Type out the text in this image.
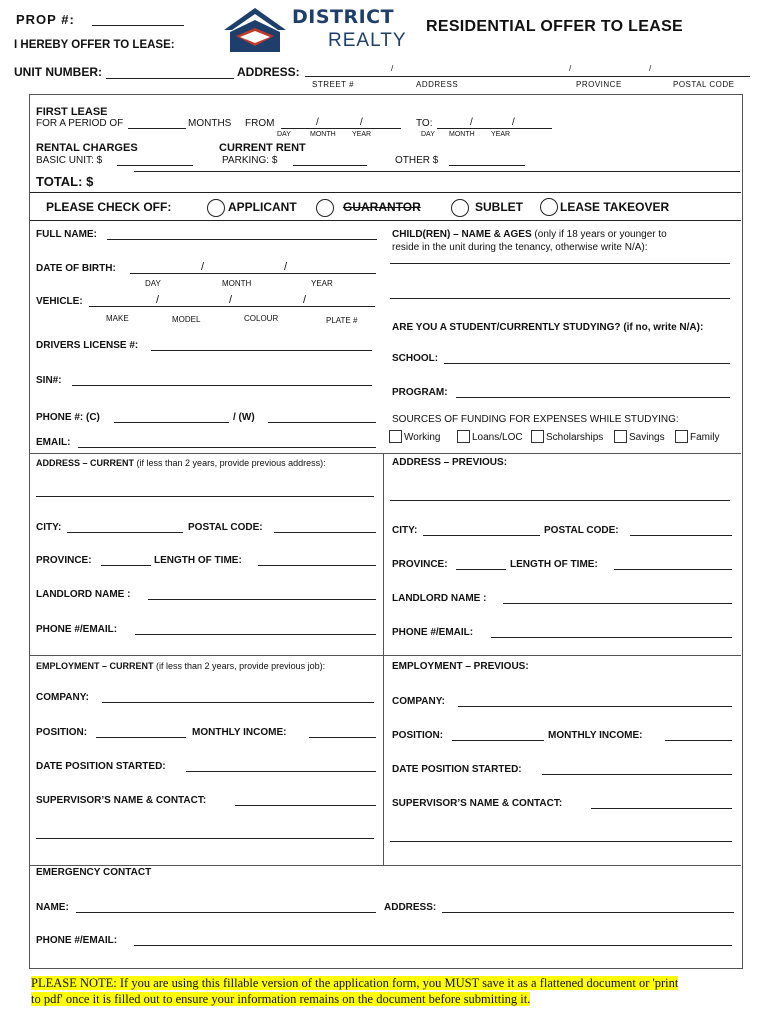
PROP #:
I HEREBY OFFER TO LEASE:
UNIT NUMBER:	ADDRESS:	/	/	/
STREET #	ADDRESS	PROVINCE	POSTAL CODE
DISTRICT
REALTY
RESIDENTIAL OFFER TO LEASE
FIRST LEASE
FOR A PERIOD OF	MONTHS FROM	/	/
DAY	MONTH YEAR
TO:	/	/
DAY MONTH YEAR
RENTAL CHARGES
BASIC UNIT: $
CURRENT RENT
PARKING: $	OTHER $
TOTAL: $
PLEASE CHECK OFF:	APPLICANT	GUARANTOR	SUBLET	LEASE TAKEOVER
FULL NAME:
DATE OF BIRTH:	/	/
DAY	MONTH	YEAR
VEHICLE:	/	/	/
MAKE	MODEL	COLOUR	PLATE #
DRIVERS LICENSE #:
SIN#:
PHONE #: (C)	/ (W)
EMAIL:
CHILD(REN) – NAME & AGES (only if 18 years or younger to
reside in the unit during the tenancy, otherwise write N/A):
ARE YOU A STUDENT/CURRENTLY STUDYING? (if no, write N/A):
SCHOOL:
PROGRAM:
SOURCES OF FUNDING FOR EXPENSES WHILE STUDYING:
Working	Loans/LOC Scholarships	Savings	Family
ADDRESS – CURRENT (if less than 2 years, provide previous address):
CITY:	POSTAL CODE:
PROVINCE:	LENGTH OF TIME:
LANDLORD NAME :
PHONE #/EMAIL:
ADDRESS – PREVIOUS:
CITY:	POSTAL CODE:
PROVINCE:	LENGTH OF TIME:
LANDLORD NAME :
PHONE #/EMAIL:
EMPLOYMENT – CURRENT (if less than 2 years, provide previous job):
COMPANY:
POSITION:	MONTHLY INCOME:
DATE POSITION STARTED:
SUPERVISOR’S NAME & CONTACT:
EMPLOYMENT – PREVIOUS:
COMPANY:
POSITION:	MONTHLY INCOME:
DATE POSITION STARTED:
SUPERVISOR’S NAME & CONTACT:
EMERGENCY CONTACT
NAME:	ADDRESS:
PHONE #/EMAIL:
PLEASE NOTE: If you are using this fillable version of the application form, you MUST save it as a flattened document or 'print to pdf' once it is filled out to ensure your information remains on the document before submitting it.
